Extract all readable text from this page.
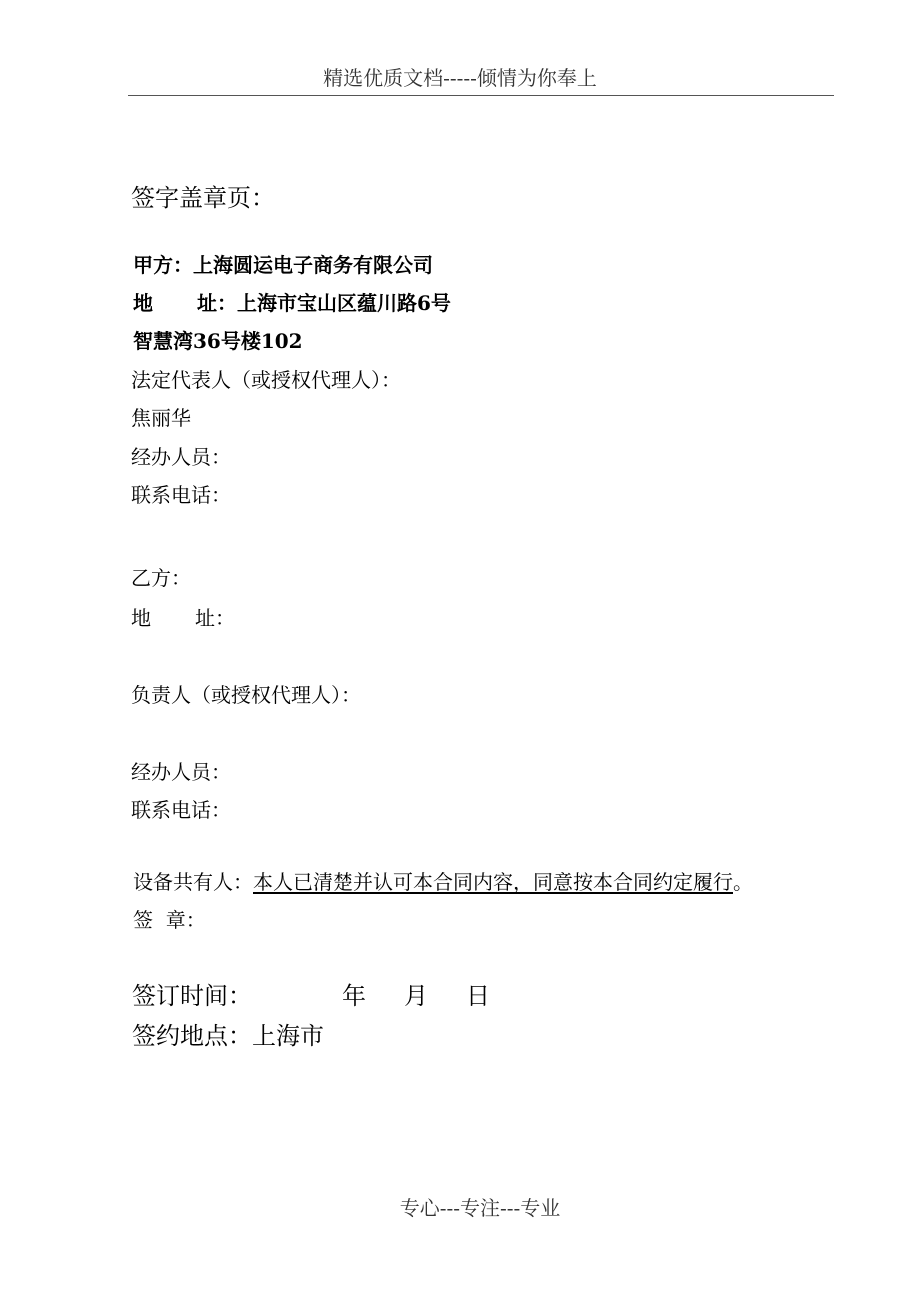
精选优质文档-----倾情为你奉上
签字盖章页：
甲方：上海圆运电子商务有限公司
地 址：上海市宝山区蕴川路6号
智慧湾36号楼102
法定代表人（或授权代理人）：
焦丽华
经办人员：
联系电话：
乙方：
地 址：
负责人（或授权代理人）：
经办人员：
联系电话：
设备共有人：本人已清楚并认可本合同内容，同意按本合同约定履行。
签  章：
签订时间：	年 月 日
签约地点：上海市
专心---专注---专业
